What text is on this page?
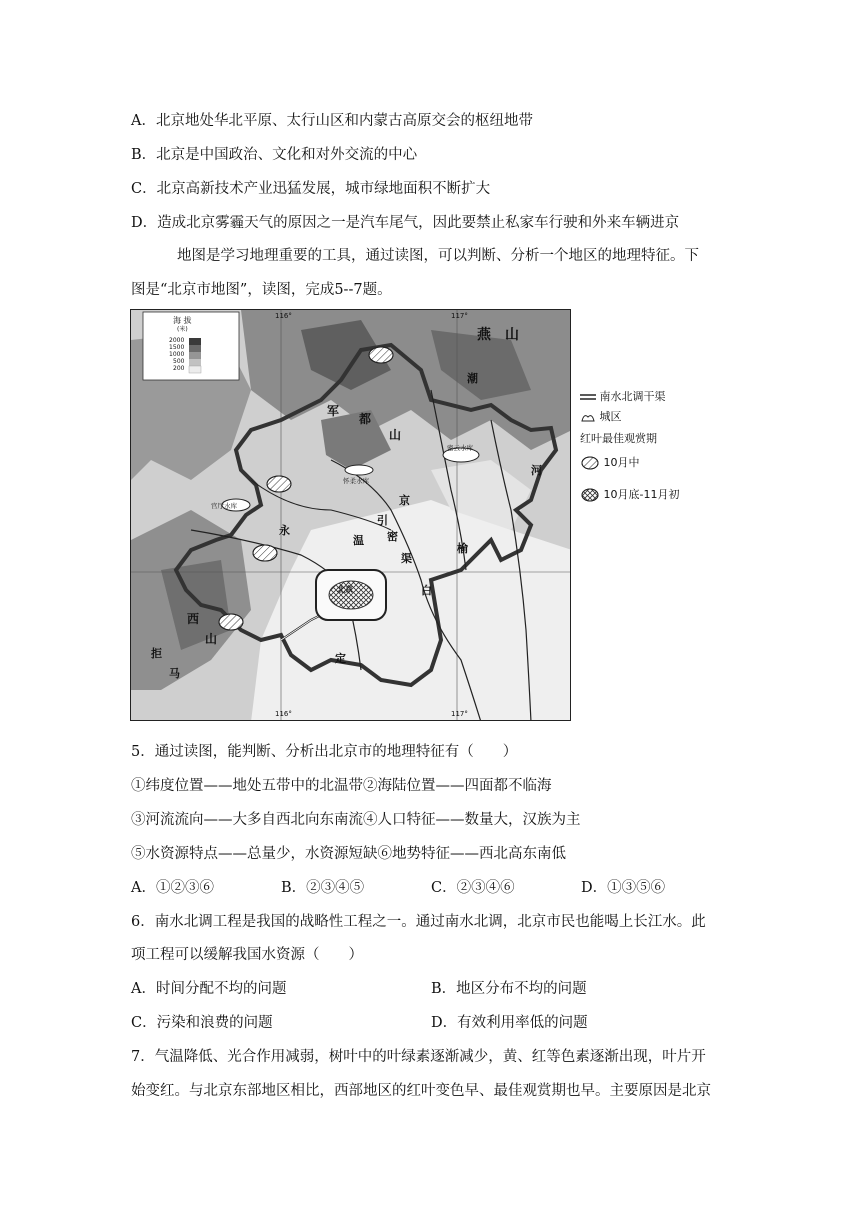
A．北京地处华北平原、太行山区和内蒙古高原交会的枢纽地带
B．北京是中国政治、文化和对外交流的中心
C．北京高新技术产业迅猛发展，城市绿地面积不断扩大
D．造成北京雾霾天气的原因之一是汽车尾气，因此要禁止私家车行驶和外来车辆进京
地图是学习地理重要的工具，通过读图，可以判断、分析一个地区的地理特征。下
图是“北京市地图”，读图，完成5--7题。
海 拔
(米)
2000
1500
1000
500
200
116°	117°
116°	117°
燕 山
军
都
山
西
山
官厅水库
怀柔水库
密云水库
北京
潮
白
河
永
定
温
引
京
密
渠
榆
马
拒
南水北调干渠
城区
红叶最佳观赏期
10月中
10月底-11月初
5．通过读图，能判断、分析出北京市的地理特征有（　　）
①纬度位置——地处五带中的北温带②海陆位置——四面都不临海
③河流流向——大多自西北向东南流④人口特征——数量大，汉族为主
⑤水资源特点——总量少，水资源短缺⑥地势特征——西北高东南低
A．①②③⑥	B．②③④⑤	C．②③④⑥	D．①③⑤⑥
6．南水北调工程是我国的战略性工程之一。通过南水北调，北京市民也能喝上长江水。此
项工程可以缓解我国水资源（　　）
A．时间分配不均的问题	B．地区分布不均的问题
C．污染和浪费的问题	D．有效利用率低的问题
7．气温降低、光合作用减弱，树叶中的叶绿素逐渐减少，黄、红等色素逐渐出现，叶片开
始变红。与北京东部地区相比，西部地区的红叶变色早、最佳观赏期也早。主要原因是北京
